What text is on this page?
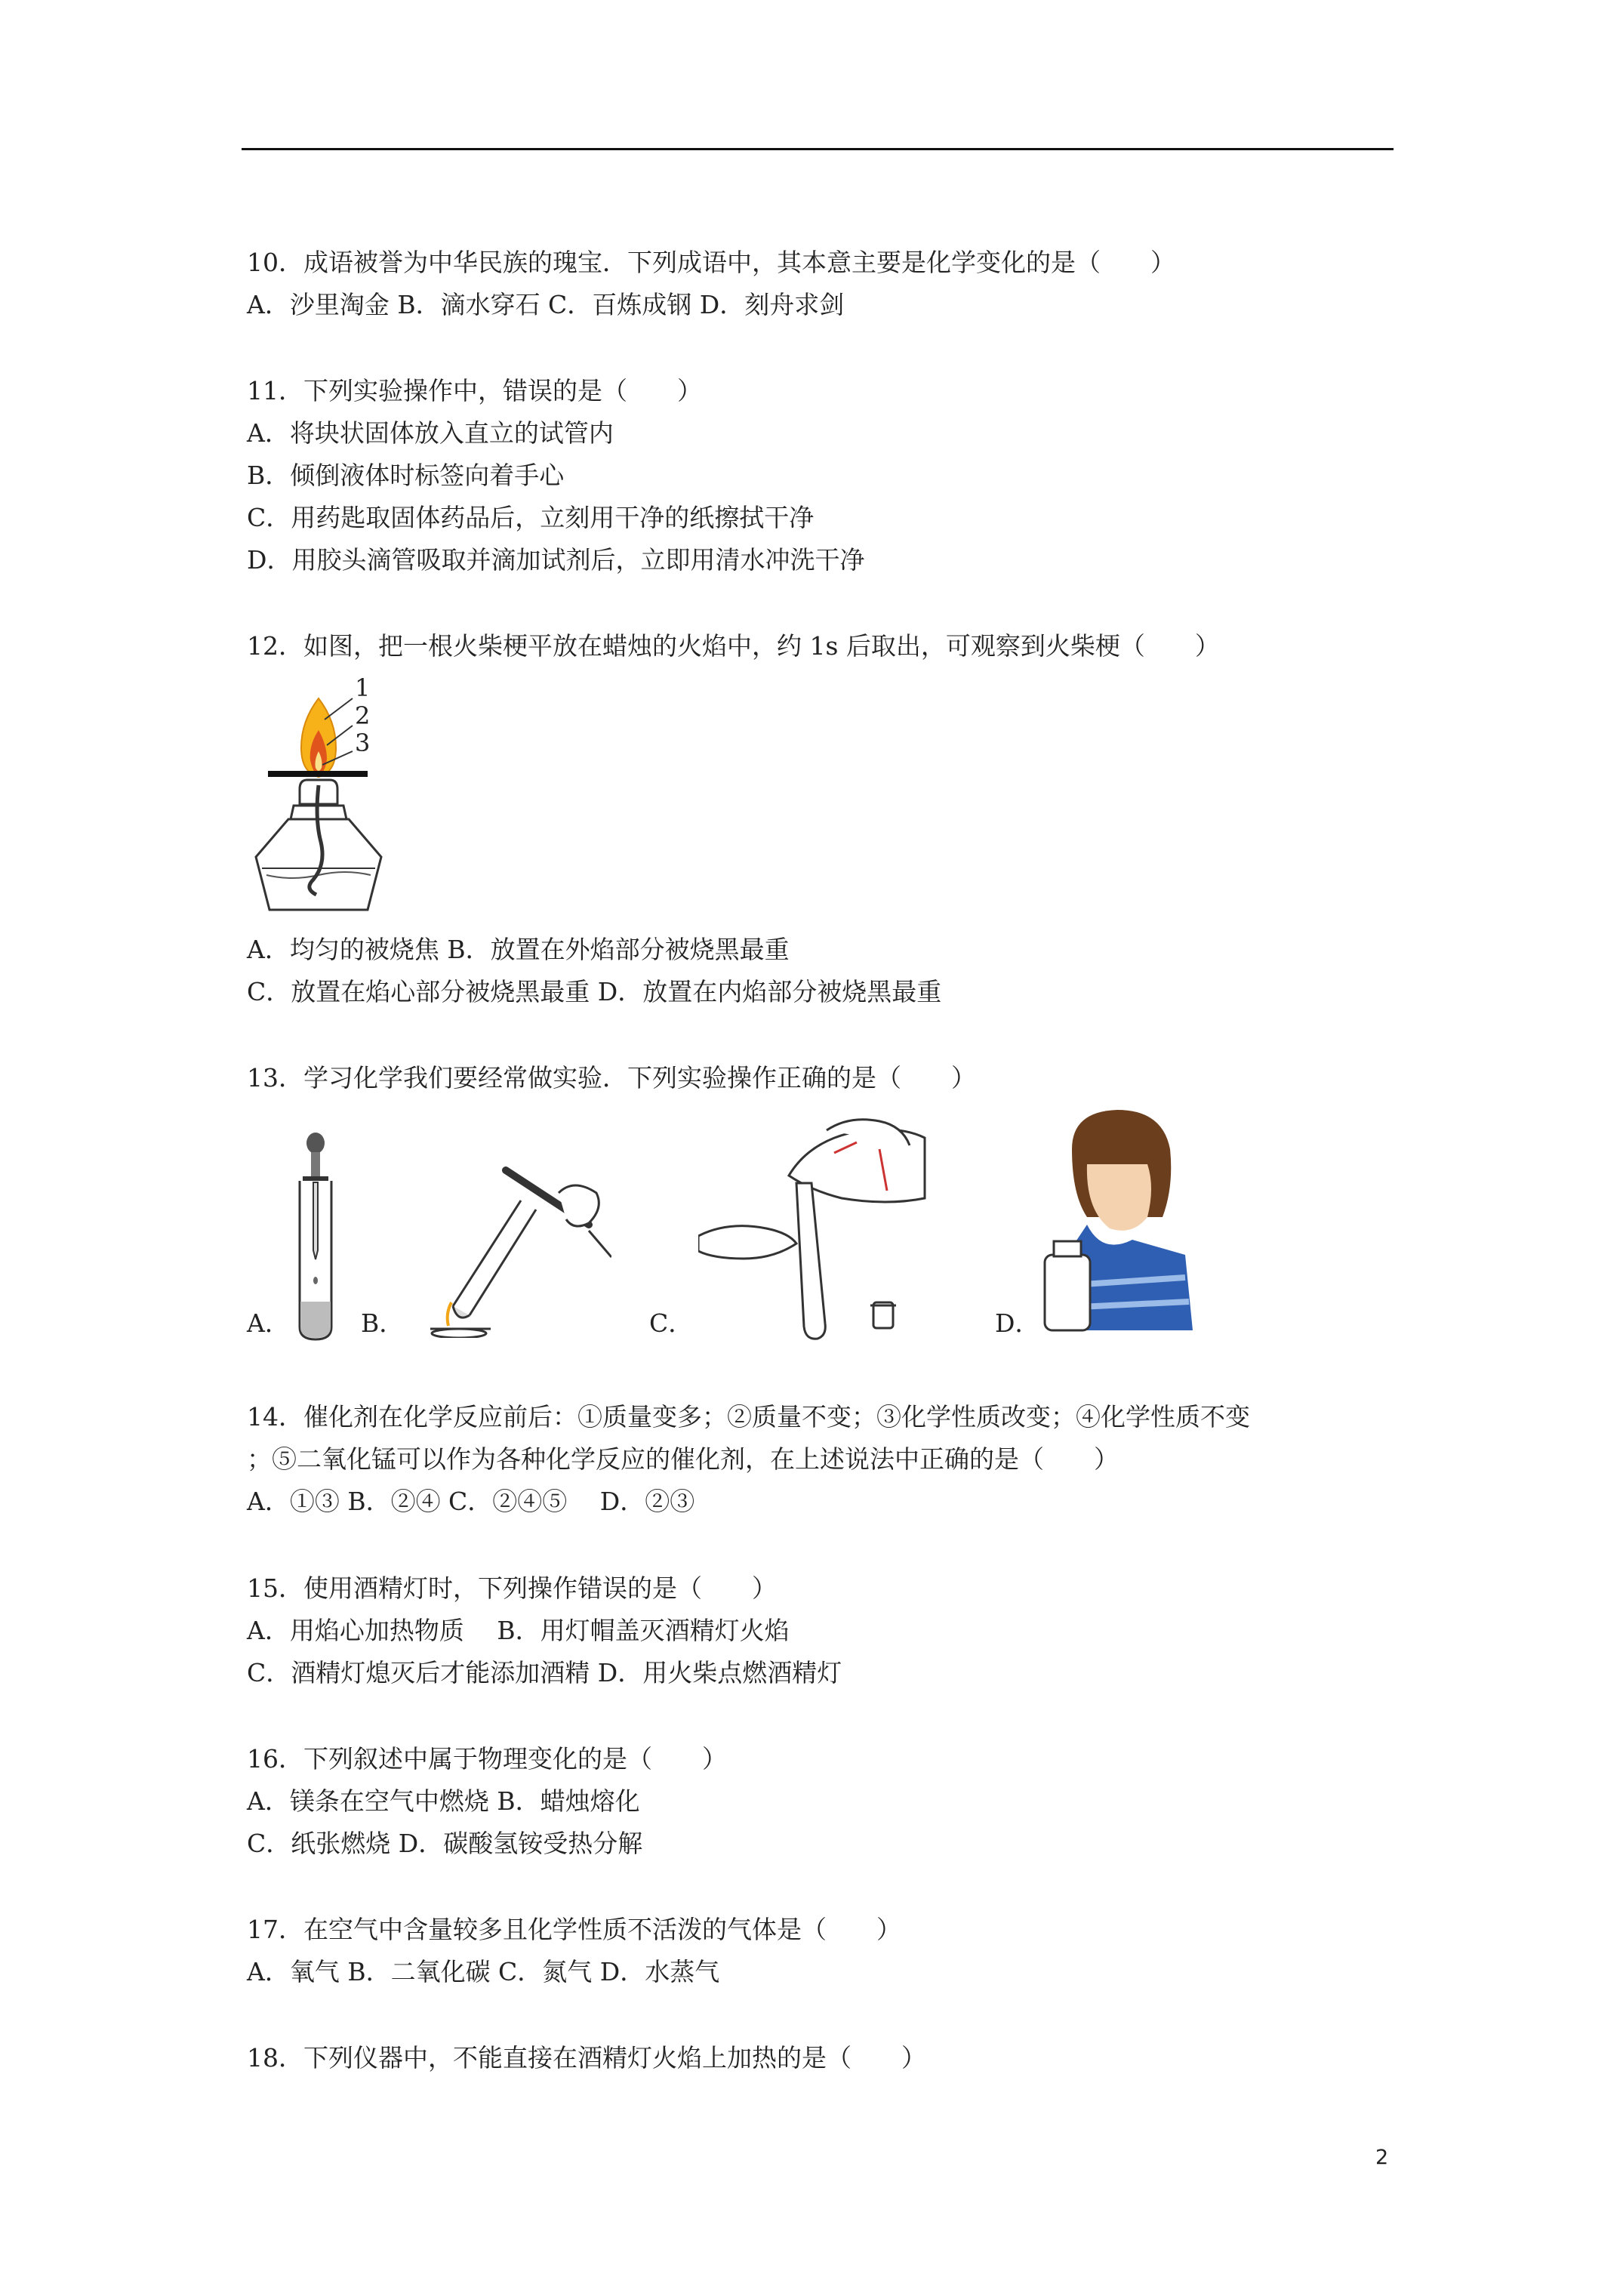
10．成语被誉为中华民族的瑰宝．下列成语中，其本意主要是化学变化的是（　　）
A．沙里淘金 B．滴水穿石 C．百炼成钢 D．刻舟求剑
11．下列实验操作中，错误的是（　　）
A．将块状固体放入直立的试管内
B．倾倒液体时标签向着手心
C．用药匙取固体药品后，立刻用干净的纸擦拭干净
D．用胶头滴管吸取并滴加试剂后，立即用清水冲洗干净
12．如图，把一根火柴梗平放在蜡烛的火焰中，约 1s 后取出，可观察到火柴梗（　　）
1
2
3
A．均匀的被烧焦 B．放置在外焰部分被烧黑最重
C．放置在焰心部分被烧黑最重 D．放置在内焰部分被烧黑最重
13．学习化学我们要经常做实验．下列实验操作正确的是（　　）
A．	B．	C．	D．
14．催化剂在化学反应前后：①质量变多；②质量不变；③化学性质改变；④化学性质不变
；⑤二氧化锰可以作为各种化学反应的催化剂，在上述说法中正确的是（　　）
A．①③ B．②④ C．②④⑤　 D．②③
15．使用酒精灯时，下列操作错误的是（　　）
A．用焰心加热物质　 B．用灯帽盖灭酒精灯火焰
C．酒精灯熄灭后才能添加酒精 D．用火柴点燃酒精灯
16．下列叙述中属于物理变化的是（　　）
A．镁条在空气中燃烧 B．蜡烛熔化
C．纸张燃烧 D．碳酸氢铵受热分解
17．在空气中含量较多且化学性质不活泼的气体是（　　）
A．氧气 B．二氧化碳 C．氮气 D．水蒸气
18．下列仪器中，不能直接在酒精灯火焰上加热的是（　　）
2
